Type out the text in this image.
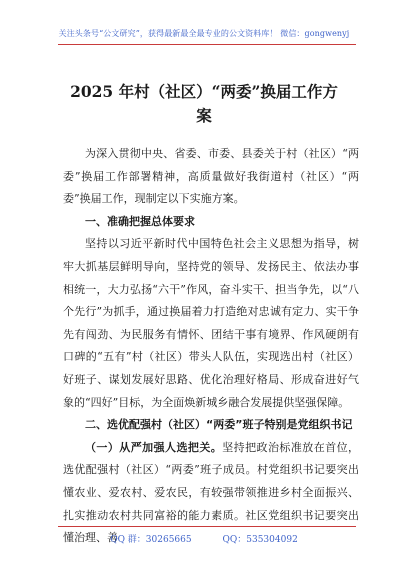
关注头条号“公文研究”，获得最新最全最专业的公文资料库！ 微信：gongwenyj
2025 年村（社区）“两委”换届工作方
案

为深入贯彻中央、省委、市委、县委关于村（社区）“两委”换届工作部署精神，高质量做好我街道村（社区）“两委”换届工作，现制定以下实施方案。

一、准确把握总体要求

坚持以习近平新时代中国特色社会主义思想为指导，树牢大抓基层鲜明导向，坚持党的领导、发扬民主、依法办事相统一，大力弘扬“六干”作风，奋斗实干、担当争先，以“八个先行”为抓手，通过换届着力打造绝对忠诚有定力、实干争先有闯劲、为民服务有情怀、团结干事有境界、作风硬朗有口碑的“五有”村（社区）带头人队伍，实现选出村（社区）好班子、谋划发展好思路、优化治理好格局、形成奋进好气象的“四好”目标，为全面焕新城乡融合发展提供坚强保障。

二、选优配强村（社区）“两委”班子特别是党组织书记

（一）从严加强人选把关。坚持把政治标准放在首位，选优配强村（社区）“两委”班子成员。村党组织书记要突出懂农业、爱农村、爱农民，有较强带领推进乡村全面振兴、扎实推动农村共同富裕的能力素质。社区党组织书记要突出懂治理、善

QQ 群：30265665	QQ：535304092
